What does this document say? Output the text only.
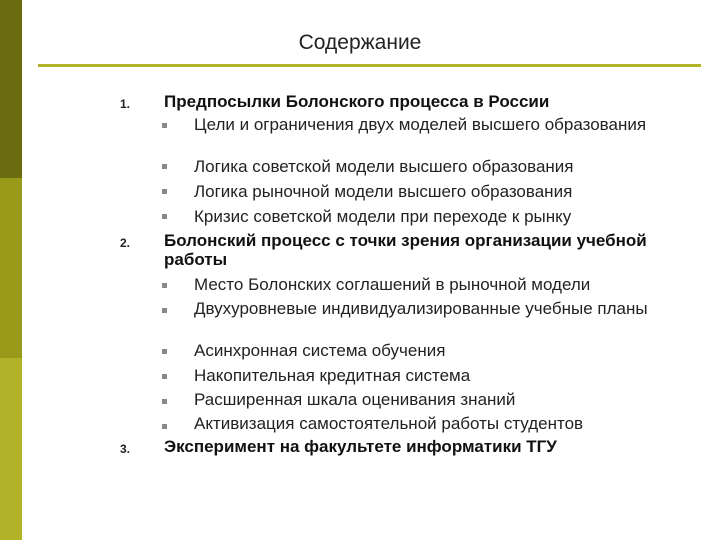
Содержание
1. Предпосылки Болонского процесса в России
Цели и ограничения двух моделей высшего образования
Логика советской модели высшего образования
Логика рыночной модели высшего образования
Кризис советской модели при переходе к рынку
2. Болонский процесс с точки зрения организации учебной работы
Место Болонских соглашений в рыночной модели
Двухуровневые индивидуализированные учебные планы
Асинхронная система обучения
Накопительная кредитная система
Расширенная шкала оценивания знаний
Активизация самостоятельной работы студентов
3. Эксперимент на факультете информатики ТГУ
